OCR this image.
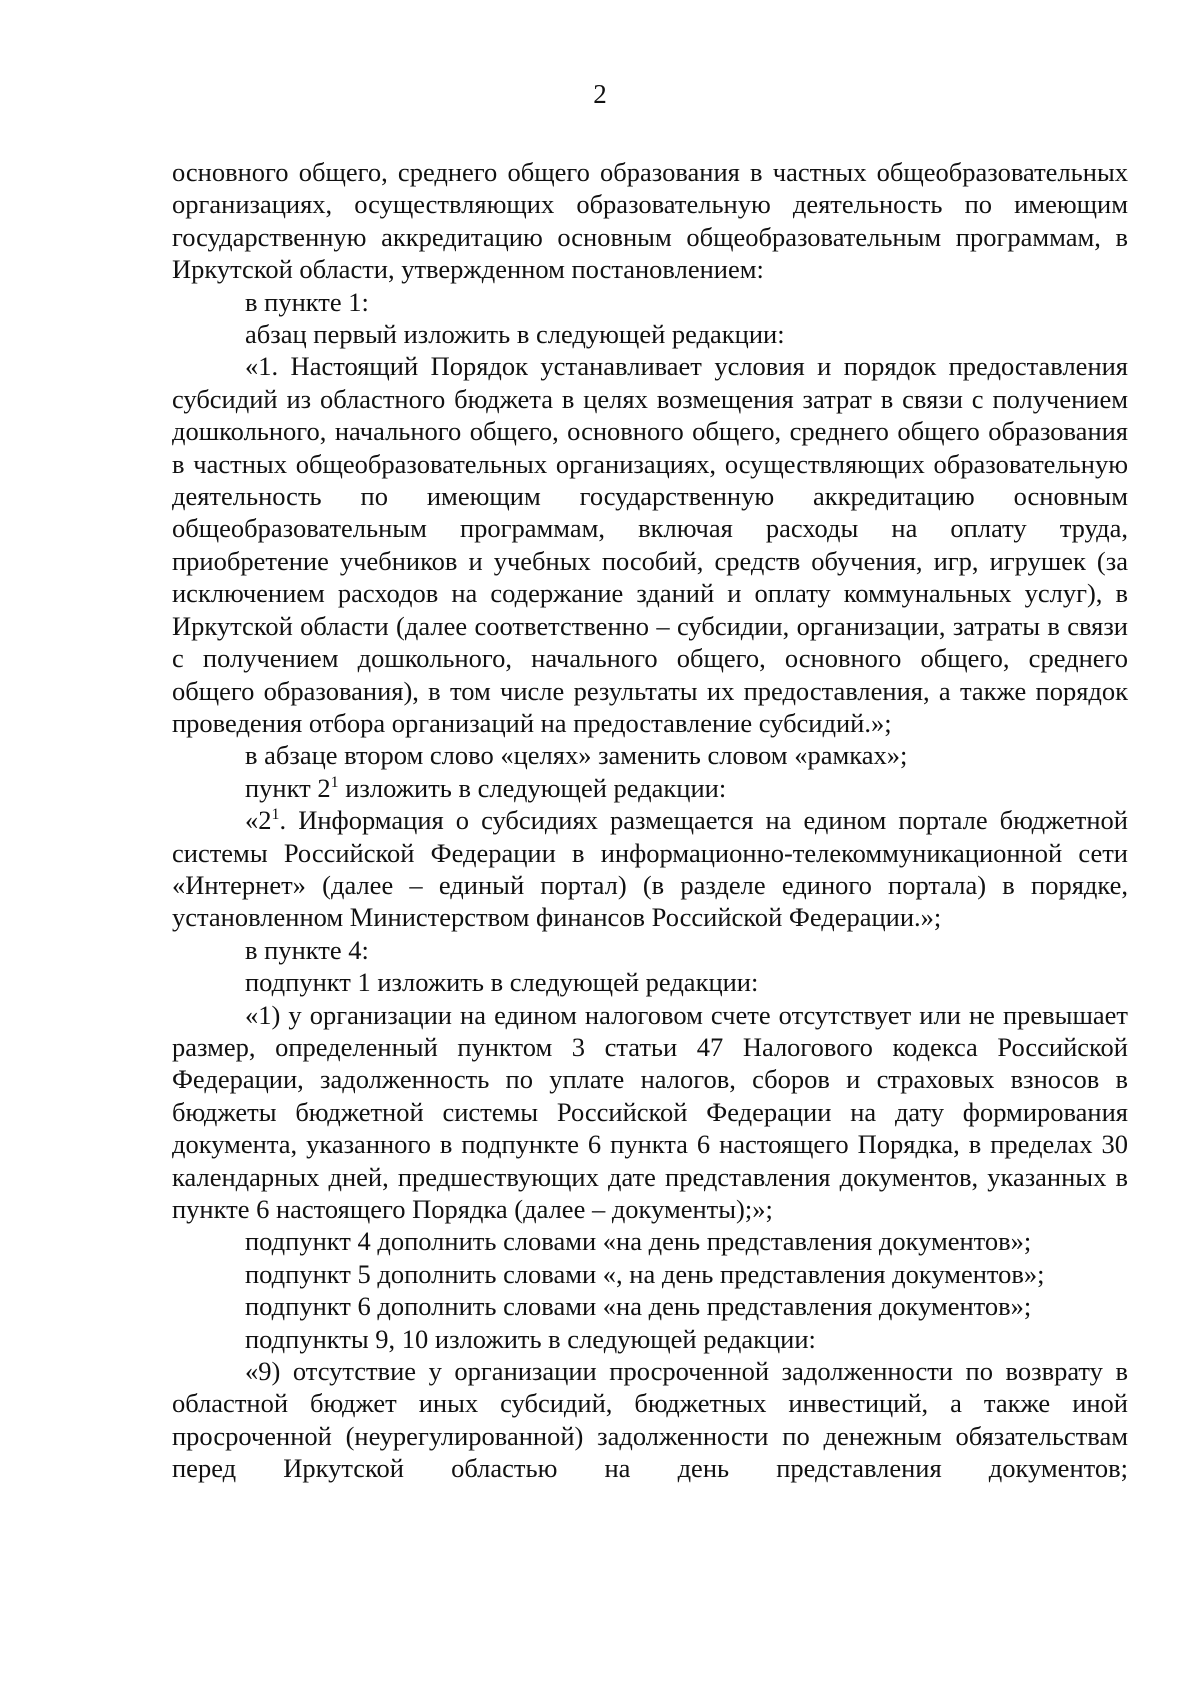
2

основного общего, среднего общего образования в частных общеобразовательных организациях, осуществляющих образовательную деятельность по имеющим государственную аккредитацию основным общеобразовательным программам, в Иркутской области, утвержденном постановлением:

в пункте 1:

абзац первый изложить в следующей редакции:

«1. Настоящий Порядок устанавливает условия и порядок предоставления субсидий из областного бюджета в целях возмещения затрат в связи с получением дошкольного, начального общего, основного общего, среднего общего образования в частных общеобразовательных организациях, осуществляющих образовательную деятельность по имеющим государственную аккредитацию основным общеобразовательным программам, включая расходы на оплату труда, приобретение учебников и учебных пособий, средств обучения, игр, игрушек (за исключением расходов на содержание зданий и оплату коммунальных услуг), в Иркутской области (далее соответственно – субсидии, организации, затраты в связи с получением дошкольного, начального общего, основного общего, среднего общего образования), в том числе результаты их предоставления, а также порядок проведения отбора организаций на предоставление субсидий.»;

в абзаце втором слово «целях» заменить словом «рамках»;

пункт $2^1$ изложить в следующей редакции:

«$2^1$. Информация о субсидиях размещается на едином портале бюджетной системы Российской Федерации в информационно-телекоммуникационной сети «Интернет» (далее – единый портал) (в разделе единого портала) в порядке, установленном Министерством финансов Российской Федерации.»;

в пункте 4:

подпункт 1 изложить в следующей редакции:

«1) у организации на едином налоговом счете отсутствует или не превышает размер, определенный пунктом 3 статьи 47 Налогового кодекса Российской Федерации, задолженность по уплате налогов, сборов и страховых взносов в бюджеты бюджетной системы Российской Федерации на дату формирования документа, указанного в подпункте 6 пункта 6 настоящего Порядка, в пределах 30 календарных дней, предшествующих дате представления документов, указанных в пункте 6 настоящего Порядка (далее – документы);»;

подпункт 4 дополнить словами «на день представления документов»;

подпункт 5 дополнить словами «, на день представления документов»;

подпункт 6 дополнить словами «на день представления документов»;

подпункты 9, 10 изложить в следующей редакции:

«9) отсутствие у организации просроченной задолженности по возврату в областной бюджет иных субсидий, бюджетных инвестиций, а также иной просроченной (неурегулированной) задолженности по денежным обязательствам перед Иркутской областью на день представления документов;
